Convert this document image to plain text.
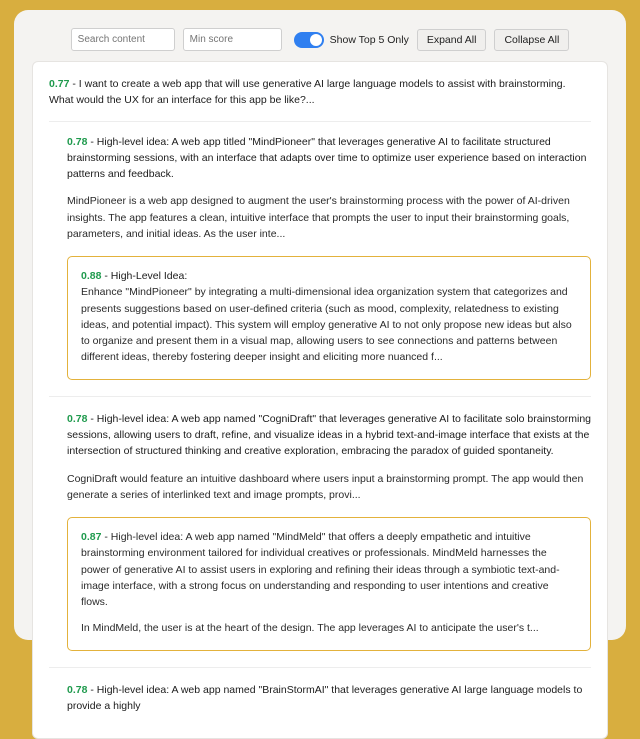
Search content
Min score
Show Top 5 Only	Expand All	Collapse All
0.77 - I want to create a web app that will use generative AI large language models to assist with brainstorming. What would the UX for an interface for this app be like?...
0.78 - High-level idea: A web app titled "MindPioneer" that leverages generative AI to facilitate structured brainstorming sessions, with an interface that adapts over time to optimize user experience based on interaction patterns and feedback.
MindPioneer is a web app designed to augment the user's brainstorming process with the power of AI-driven insights. The app features a clean, intuitive interface that prompts the user to input their brainstorming goals, parameters, and initial ideas. As the user inte...
0.88 - High-Level Idea:

Enhance "MindPioneer" by integrating a multi-dimensional idea organization system that categorizes and presents suggestions based on user-defined criteria (such as mood, complexity, relatedness to existing ideas, and potential impact). This system will employ generative AI to not only propose new ideas but also to organize and present them in a visual map, allowing users to see connections and patterns between different ideas, thereby fostering deeper insight and eliciting more nuanced f...

0.78 - High-level idea: A web app named "CogniDraft" that leverages generative AI to facilitate solo brainstorming sessions, allowing users to draft, refine, and visualize ideas in a hybrid text-and-image interface that exists at the intersection of structured thinking and creative exploration, embracing the paradox of guided spontaneity.
CogniDraft would feature an intuitive dashboard where users input a brainstorming prompt. The app would then generate a series of interlinked text and image prompts, provi...

0.87 - High-level idea: A web app named "MindMeld" that offers a deeply empathetic and intuitive brainstorming environment tailored for individual creatives or professionals. MindMeld harnesses the power of generative AI to assist users in exploring and refining their ideas through a symbiotic text-and-image interface, with a strong focus on understanding and responding to user intentions and creative flows.

In MindMeld, the user is at the heart of the design. The app leverages AI to anticipate the user's t...

0.78 - High-level idea: A web app named "BrainStormAI" that leverages generative AI large language models to provide a highly
